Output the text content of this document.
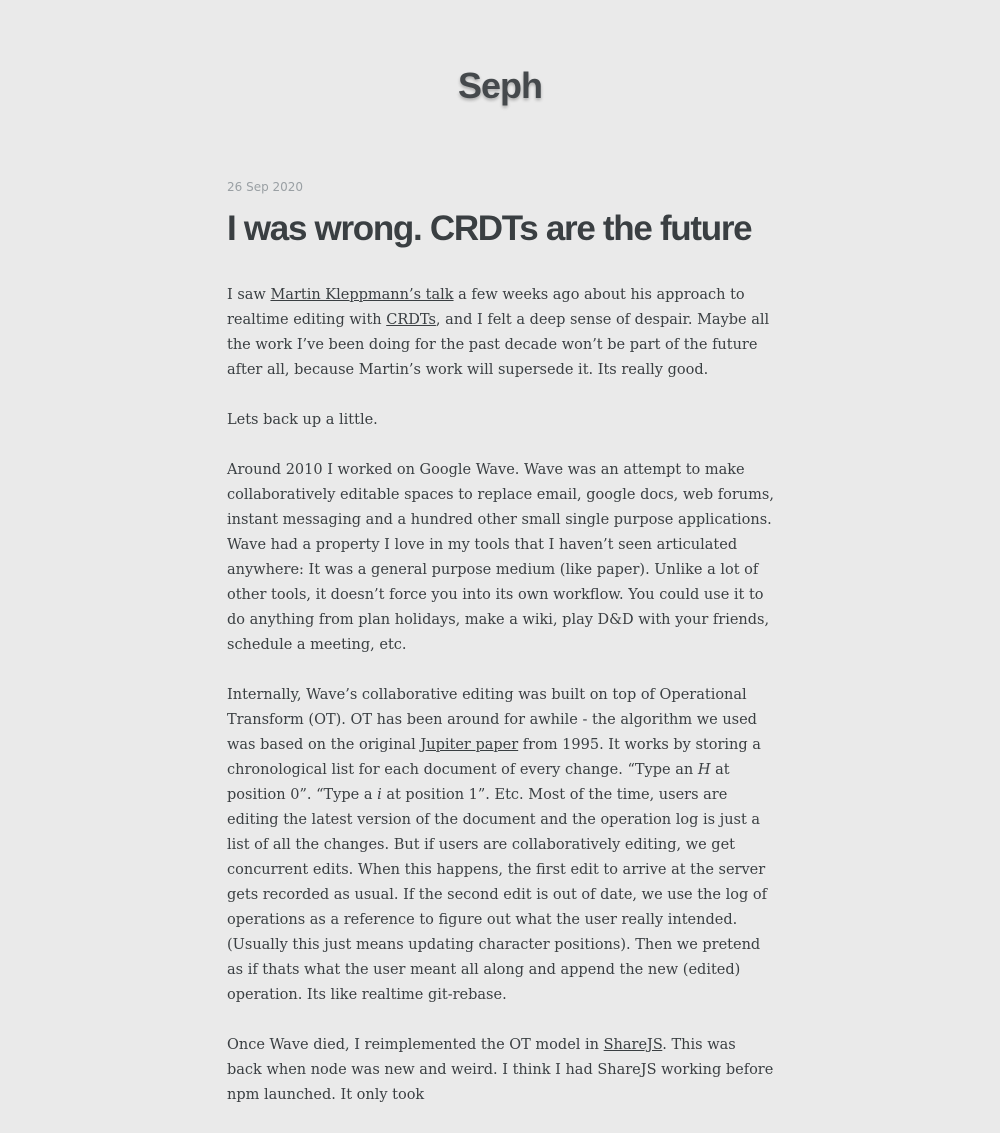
Seph
26 Sep 2020
I was wrong. CRDTs are the future

I saw Martin Kleppmann’s talk a few weeks ago about his approach to realtime editing with CRDTs, and I felt a deep sense of despair. Maybe all the work I’ve been doing for the past decade won’t be part of the future after all, because Martin’s work will supersede it. Its really good.

Lets back up a little.

Around 2010 I worked on Google Wave. Wave was an attempt to make collaboratively editable spaces to replace email, google docs, web forums, instant messaging and a hundred other small single purpose applications. Wave had a property I love in my tools that I haven’t seen articulated anywhere: It was a general purpose medium (like paper). Unlike a lot of other tools, it doesn’t force you into its own workflow. You could use it to do anything from plan holidays, make a wiki, play D&D with your friends, schedule a meeting, etc.

Internally, Wave’s collaborative editing was built on top of Operational Transform (OT). OT has been around for awhile - the algorithm we used was based on the original Jupiter paper from 1995. It works by storing a chronological list for each document of every change. “Type an H at position 0”. “Type a i at position 1”. Etc. Most of the time, users are editing the latest version of the document and the operation log is just a list of all the changes. But if users are collaboratively editing, we get concurrent edits. When this happens, the first edit to arrive at the server gets recorded as usual. If the second edit is out of date, we use the log of operations as a reference to figure out what the user really intended. (Usually this just means updating character positions). Then we pretend as if thats what the user meant all along and append the new (edited) operation. Its like realtime git-rebase.

Once Wave died, I reimplemented the OT model in ShareJS. This was back when node was new and weird. I think I had ShareJS working before npm launched. It only took
